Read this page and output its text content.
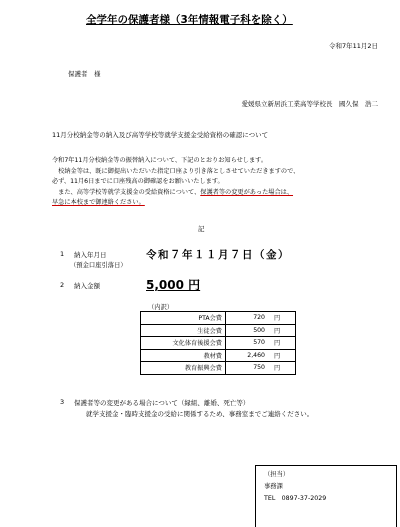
全学年の保護者様（3年情報電子科を除く）
令和7年11月2日
保護者　様
愛媛県立新居浜工業高等学校長　國久保　浩二
11月分校納金等の納入及び高等学校等就学支援金受給資格の確認について

令和7年11月分校納金等の振替納入について、下記のとおりお知らせします。

　校納金等は、既に御提出いただいた指定口座より引き落としさせていただきますので、

必ず、11月6日までに口座残高の御確認をお願いいたします。

　また、高等学校等就学支援金の受給資格について、保護者等の変更があった場合は、

早急に本校まで御連絡ください。

記
1 納入年月日
（預金口座引落日）
令和７年１１月７日（金）
2 納入金額	5,000 円
（内訳）
PTA会費	720	円
生徒会費	500	円
文化体育後援会費	570	円
教材費	2,460	円
教育振興会費	750	円
3 保護者等の変更がある場合について（縁組、離婚、死亡等）
就学支援金・臨時支援金の受給に関係するため、事務室までご連絡ください。
（担当）
事務課
TEL　0897-37-2029
